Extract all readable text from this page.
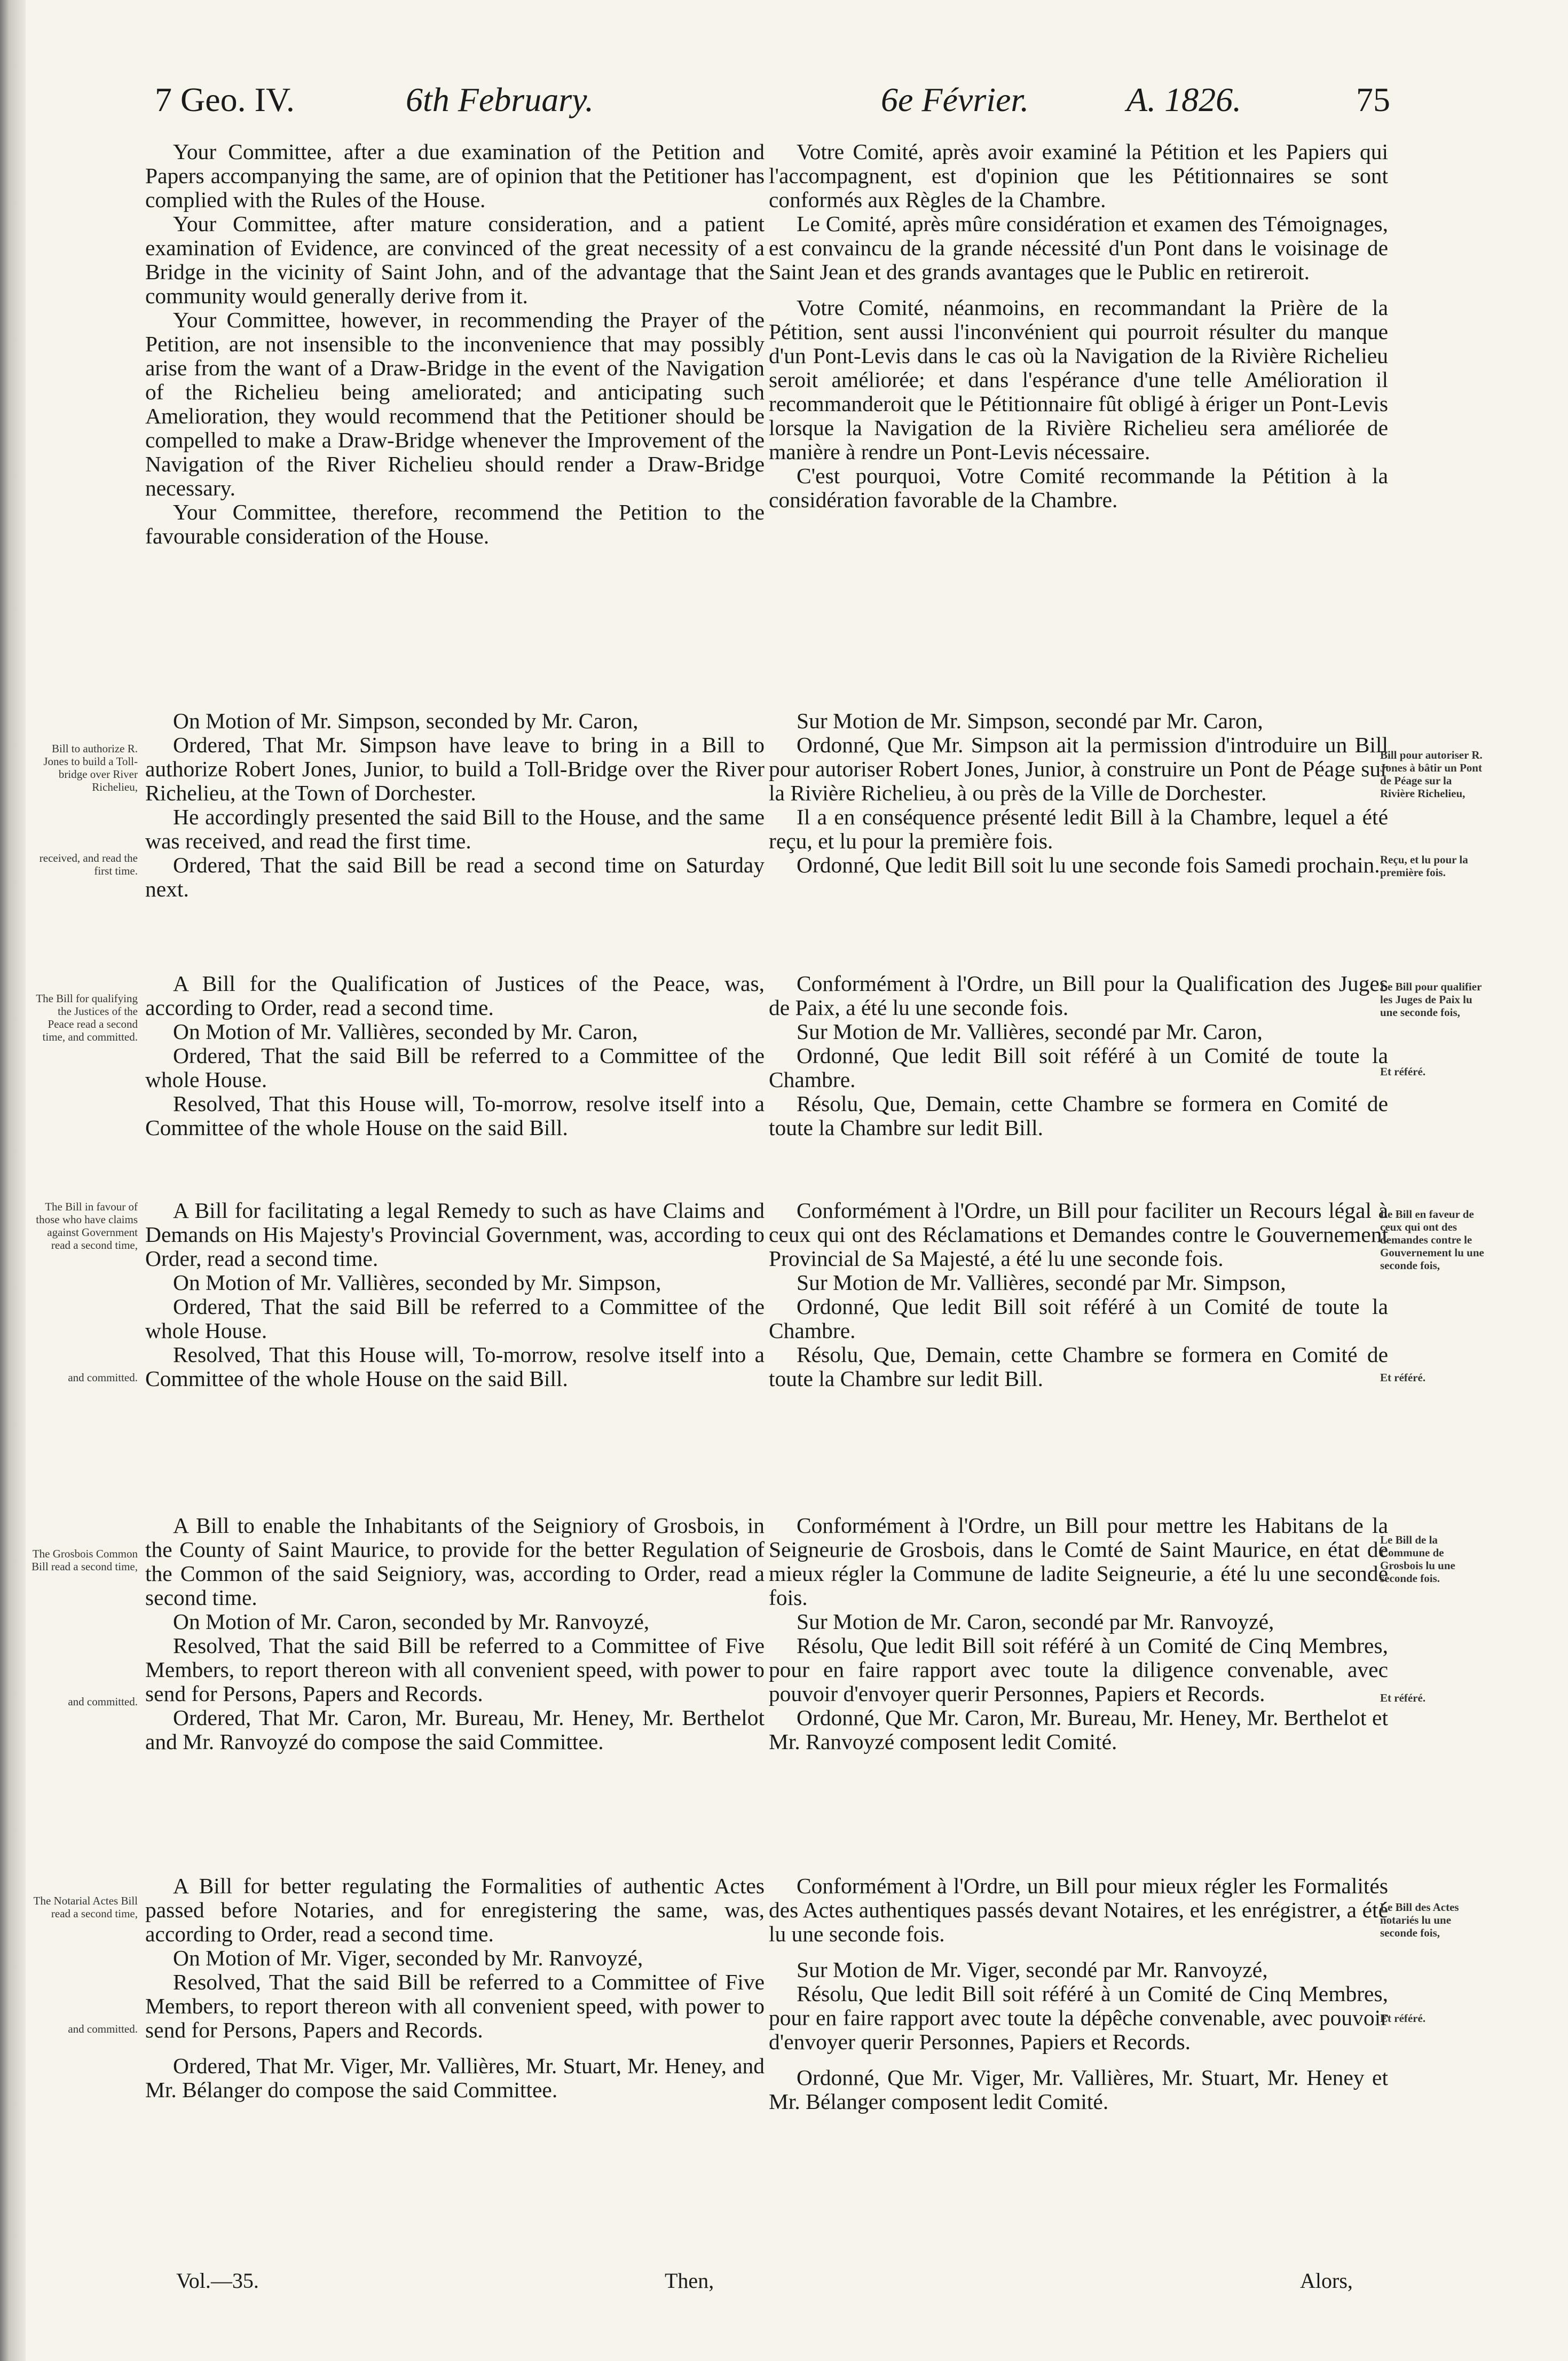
7 Geo. IV.	6th February.	6e Février.	A. 1826.	75

Your Committee, after a due examination of the Petition and Papers accompanying the same, are of opinion that the Petitioner has complied with the Rules of the House.

Your Committee, after mature consideration, and a patient examination of Evidence, are convinced of the great necessity of a Bridge in the vicinity of Saint John, and of the advantage that the community would generally derive from it.

Your Committee, however, in recommending the Prayer of the Petition, are not insensible to the inconvenience that may possibly arise from the want of a Draw-Bridge in the event of the Navigation of the Richelieu being ameliorated; and anticipating such Amelioration, they would recommend that the Petitioner should be compelled to make a Draw-Bridge whenever the Improvement of the Navigation of the River Richelieu should render a Draw-Bridge necessary.

Your Committee, therefore, recommend the Petition to the favourable consideration of the House.

On Motion of Mr. Simpson, seconded by Mr. Caron,

Ordered, That Mr. Simpson have leave to bring in a Bill to authorize Robert Jones, Junior, to build a Toll-Bridge over the River Richelieu, at the Town of Dorchester.

He accordingly presented the said Bill to the House, and the same was received, and read the first time.

Ordered, That the said Bill be read a second time on Saturday next.

A Bill for the Qualification of Justices of the Peace, was, according to Order, read a second time.

On Motion of Mr. Vallières, seconded by Mr. Caron,

Ordered, That the said Bill be referred to a Committee of the whole House.

Resolved, That this House will, To-morrow, resolve itself into a Committee of the whole House on the said Bill.

A Bill for facilitating a legal Remedy to such as have Claims and Demands on His Majesty's Provincial Government, was, according to Order, read a second time.

On Motion of Mr. Vallières, seconded by Mr. Simpson,

Ordered, That the said Bill be referred to a Committee of the whole House.

Resolved, That this House will, To-morrow, resolve itself into a Committee of the whole House on the said Bill.

A Bill to enable the Inhabitants of the Seigniory of Grosbois, in the County of Saint Maurice, to provide for the better Regulation of the Common of the said Seigniory, was, according to Order, read a second time.

On Motion of Mr. Caron, seconded by Mr. Ranvoyzé,

Resolved, That the said Bill be referred to a Committee of Five Members, to report thereon with all convenient speed, with power to send for Persons, Papers and Records.

Ordered, That Mr. Caron, Mr. Bureau, Mr. Heney, Mr. Berthelot and Mr. Ranvoyzé do compose the said Committee.

A Bill for better regulating the Formalities of authentic Actes passed before Notaries, and for enregistering the same, was, according to Order, read a second time.

On Motion of Mr. Viger, seconded by Mr. Ranvoyzé,

Resolved, That the said Bill be referred to a Committee of Five Members, to report thereon with all convenient speed, with power to send for Persons, Papers and Records.

Ordered, That Mr. Viger, Mr. Vallières, Mr. Stuart, Mr. Heney, and Mr. Bélanger do compose the said Committee.

Votre Comité, après avoir examiné la Pétition et les Papiers qui l'accompagnent, est d'opinion que les Pétitionnaires se sont conformés aux Règles de la Chambre.

Le Comité, après mûre considération et examen des Témoignages, est convaincu de la grande nécessité d'un Pont dans le voisinage de Saint Jean et des grands avantages que le Public en retireroit.

Votre Comité, néanmoins, en recommandant la Prière de la Pétition, sent aussi l'inconvénient qui pourroit résulter du manque d'un Pont-Levis dans le cas où la Navigation de la Rivière Richelieu seroit améliorée; et dans l'espérance d'une telle Amélioration il recommanderoit que le Pétitionnaire fût obligé à ériger un Pont-Levis lorsque la Navigation de la Rivière Richelieu sera améliorée de manière à rendre un Pont-Levis nécessaire.

C'est pourquoi, Votre Comité recommande la Pétition à la considération favorable de la Chambre.

Sur Motion de Mr. Simpson, secondé par Mr. Caron,

Ordonné, Que Mr. Simpson ait la permission d'introduire un Bill pour autoriser Robert Jones, Junior, à construire un Pont de Péage sur la Rivière Richelieu, à ou près de la Ville de Dorchester.

Il a en conséquence présenté ledit Bill à la Chambre, lequel a été reçu, et lu pour la première fois.

Ordonné, Que ledit Bill soit lu une seconde fois Samedi prochain.

Conformément à l'Ordre, un Bill pour la Qualification des Juges de Paix, a été lu une seconde fois.

Sur Motion de Mr. Vallières, secondé par Mr. Caron,

Ordonné, Que ledit Bill soit référé à un Comité de toute la Chambre.

Résolu, Que, Demain, cette Chambre se formera en Comité de toute la Chambre sur ledit Bill.

Conformément à l'Ordre, un Bill pour faciliter un Recours légal à ceux qui ont des Réclamations et Demandes contre le Gouvernement Provincial de Sa Majesté, a été lu une seconde fois.

Sur Motion de Mr. Vallières, secondé par Mr. Simpson,

Ordonné, Que ledit Bill soit référé à un Comité de toute la Chambre.

Résolu, Que, Demain, cette Chambre se formera en Comité de toute la Chambre sur ledit Bill.

Conformément à l'Ordre, un Bill pour mettre les Habitans de la Seigneurie de Grosbois, dans le Comté de Saint Maurice, en état de mieux régler la Commune de ladite Seigneurie, a été lu une seconde fois.

Sur Motion de Mr. Caron, secondé par Mr. Ranvoyzé,

Résolu, Que ledit Bill soit référé à un Comité de Cinq Membres, pour en faire rapport avec toute la diligence convenable, avec pouvoir d'envoyer querir Personnes, Papiers et Records.

Ordonné, Que Mr. Caron, Mr. Bureau, Mr. Heney, Mr. Berthelot et Mr. Ranvoyzé composent ledit Comité.

Conformément à l'Ordre, un Bill pour mieux régler les Formalités des Actes authentiques passés devant Notaires, et les enrégistrer, a été lu une seconde fois.

Sur Motion de Mr. Viger, secondé par Mr. Ranvoyzé,

Résolu, Que ledit Bill soit référé à un Comité de Cinq Membres, pour en faire rapport avec toute la dépêche convenable, avec pouvoir d'envoyer querir Personnes, Papiers et Records.

Ordonné, Que Mr. Viger, Mr. Vallières, Mr. Stuart, Mr. Heney et Mr. Bélanger composent ledit Comité.

Bill to authorize R. Jones to build a Toll-bridge over River Richelieu,
received, and read the first time.
The Bill for qualifying the Justices of the Peace read a second time, and committed.
The Bill in favour of those who have claims against Government read a second time,
and committed.
The Grosbois Common Bill read a second time,
and committed.
The Notarial Actes Bill read a second time,
and committed.
Bill pour autoriser R. Jones à bâtir un Pont de Péage sur la Rivière Richelieu,
Reçu, et lu pour la première fois.
Le Bill pour qualifier les Juges de Paix lu une seconde fois,
Et référé.
Le Bill en faveur de ceux qui ont des demandes contre le Gouvernement lu une seconde fois,
Et référé.
Le Bill de la Commune de Grosbois lu une seconde fois.
Et référé.
Le Bill des Actes notariés lu une seconde fois,
Et référé.
Vol.—35.	Then,	Alors,
